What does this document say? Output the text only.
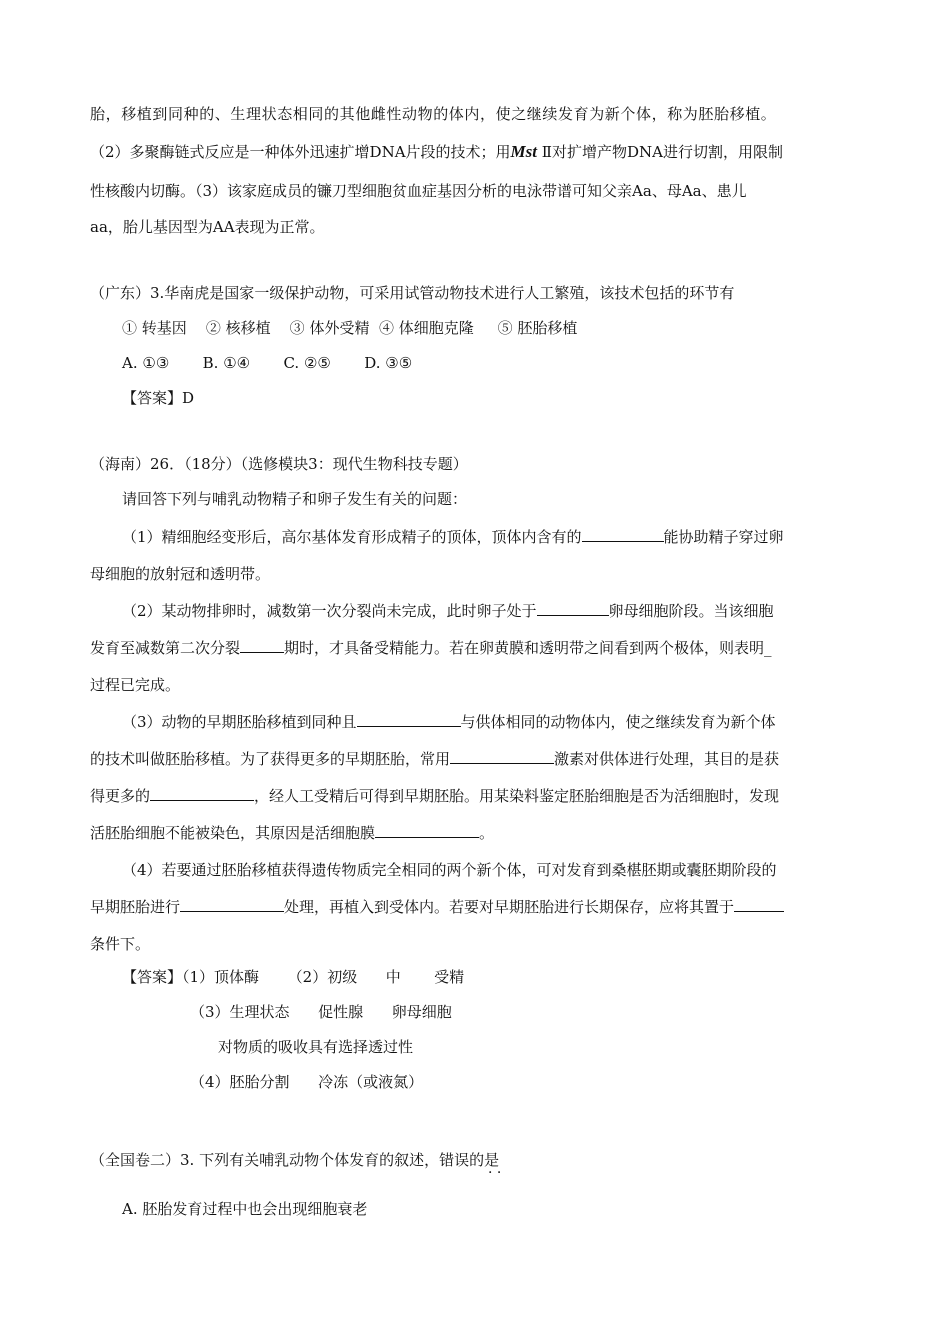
胎，移植到同种的、生理状态相同的其他雌性动物的体内，使之继续发育为新个体，称为胚胎移植。
（2）多聚酶链式反应是一种体外迅速扩增DNA片段的技术；用Mst Ⅱ对扩增产物DNA进行切割，用限制
性核酸内切酶。（3）该家庭成员的镰刀型细胞贫血症基因分析的电泳带谱可知父亲Aa、母Aa、患儿
aa，胎儿基因型为AA表现为正常。
（广东）3.华南虎是国家一级保护动物，可采用试管动物技术进行人工繁殖，该技术包括的环节有
① 转基因    ② 核移植    ③ 体外受精  ④ 体细胞克隆     ⑤ 胚胎移植
A. ①③       B. ①④       C. ②⑤       D. ③⑤
【答案】D
（海南）26．（18分）（选修模块3：现代生物科技专题）
请回答下列与哺乳动物精子和卵子发生有关的问题：
（1）精细胞经变形后，高尔基体发育形成精子的顶体，顶体内含有的	能协助精子穿过卵
母细胞的放射冠和透明带。
（2）某动物排卵时，减数第一次分裂尚未完成，此时卵子处于	卵母细胞阶段。当该细胞
发育至减数第二次分裂	期时，才具备受精能力。若在卵黄膜和透明带之间看到两个极体，则表明_
过程已完成。
（3）动物的早期胚胎移植到同种且	与供体相同的动物体内，使之继续发育为新个体
的技术叫做胚胎移植。为了获得更多的早期胚胎，常用	激素对供体进行处理，其目的是获
得更多的	，经人工受精后可得到早期胚胎。用某染料鉴定胚胎细胞是否为活细胞时，发现
活胚胎细胞不能被染色，其原因是活细胞膜	。
（4）若要通过胚胎移植获得遗传物质完全相同的两个新个体，可对发育到桑椹胚期或囊胚期阶段的
早期胚胎进行	处理，再植入到受体内。若要对早期胚胎进行长期保存，应将其置于
条件下。
【答案】（1）顶体酶      （2）初级      中       受精
（3）生理状态      促性腺      卵母细胞
对物质的吸收具有选择透过性
（4）胚胎分割      冷冻（或液氮）
（全国卷二）3. 下列有关哺乳动物个体发育的叙述，错误的是
· ·
A. 胚胎发育过程中也会出现细胞衰老
